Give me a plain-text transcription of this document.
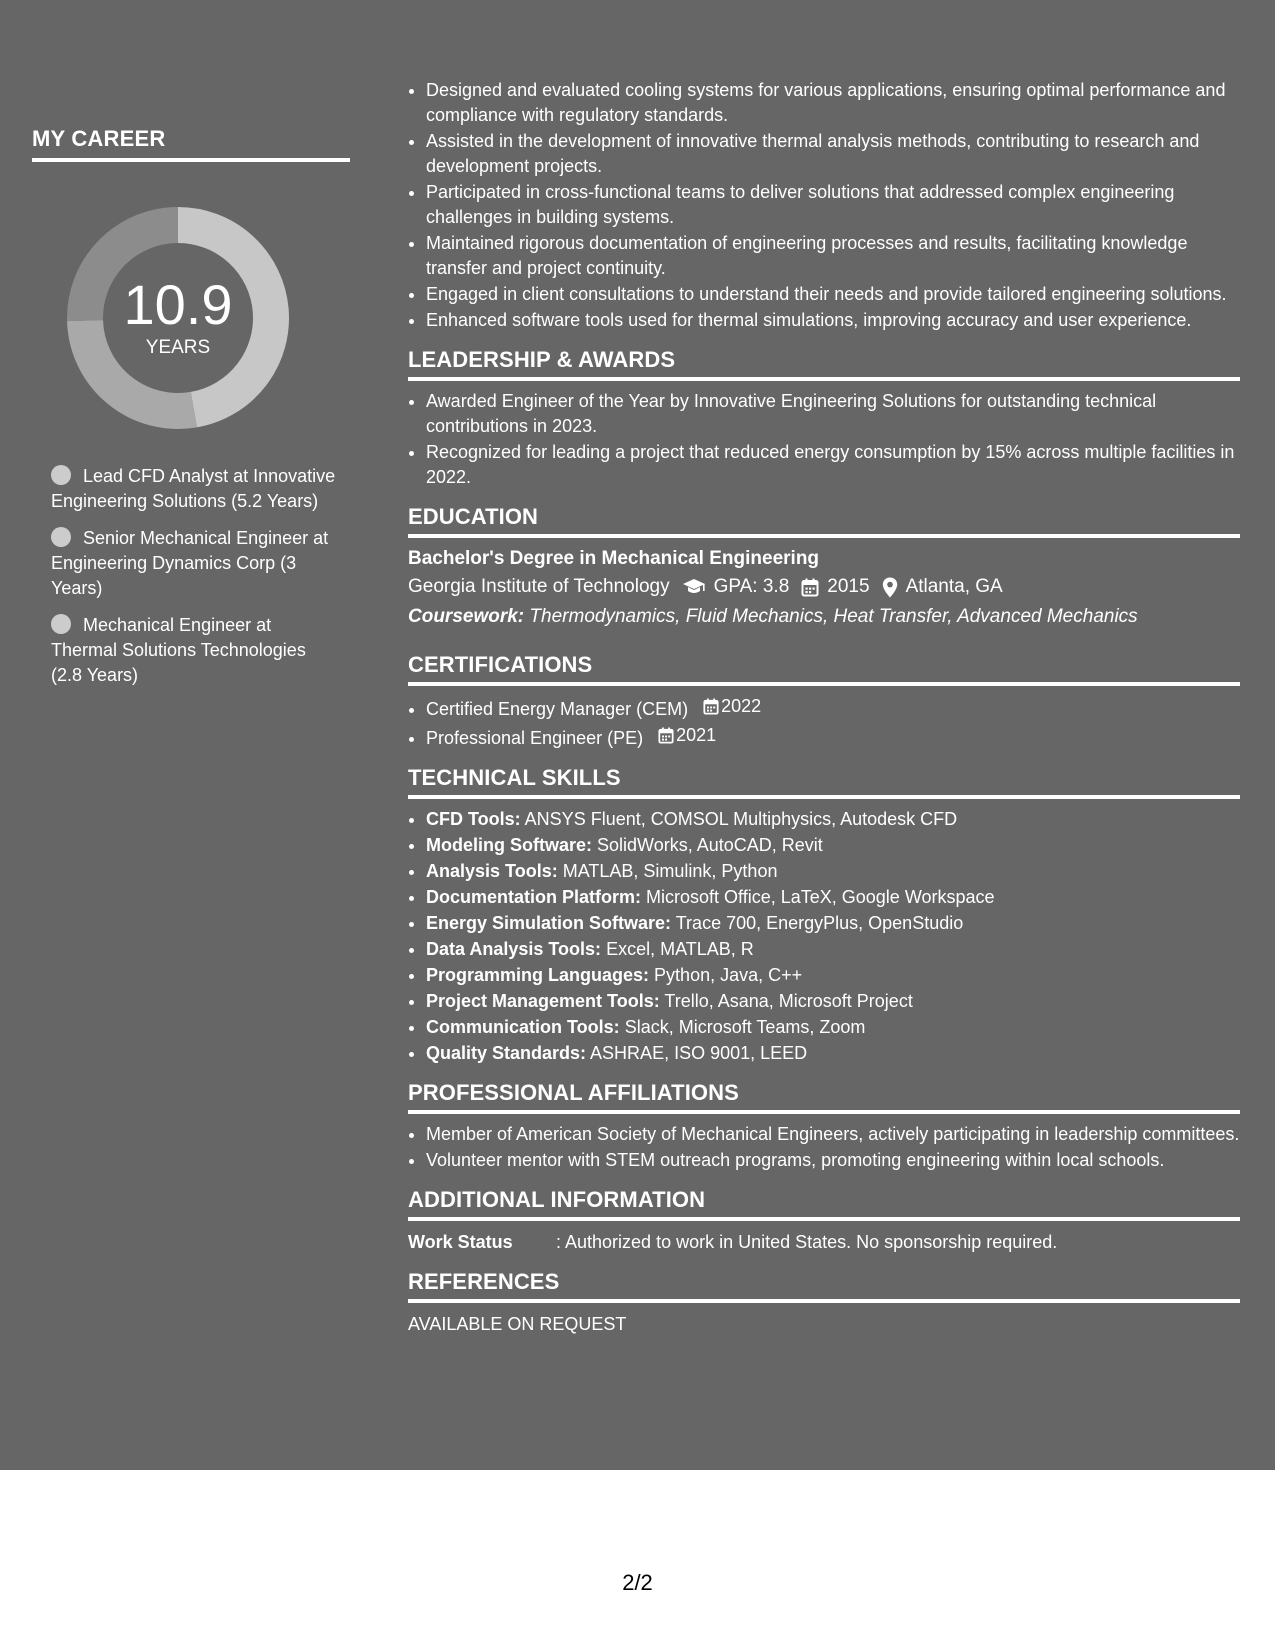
MY CAREER
10.9
YEARS
Lead CFD Analyst at Innovative Engineering Solutions (5.2 Years)
Senior Mechanical Engineer at Engineering Dynamics Corp (3 Years)
Mechanical Engineer at Thermal Solutions Technologies (2.8 Years)
• Designed and evaluated cooling systems for various applications, ensuring optimal performance and compliance with regulatory standards.
• Assisted in the development of innovative thermal analysis methods, contributing to research and development projects.
• Participated in cross-functional teams to deliver solutions that addressed complex engineering challenges in building systems.
• Maintained rigorous documentation of engineering processes and results, facilitating knowledge transfer and project continuity.
• Engaged in client consultations to understand their needs and provide tailored engineering solutions.
• Enhanced software tools used for thermal simulations, improving accuracy and user experience.
LEADERSHIP & AWARDS
• Awarded Engineer of the Year by Innovative Engineering Solutions for outstanding technical contributions in 2023.
• Recognized for leading a project that reduced energy consumption by 15% across multiple facilities in 2022.
EDUCATION
Bachelor's Degree in Mechanical Engineering
Georgia Institute of Technology GPA: 3.8 2015 Atlanta, GA
Coursework: Thermodynamics, Fluid Mechanics, Heat Transfer, Advanced Mechanics
CERTIFICATIONS
• Certified Energy Manager (CEM) 2022
• Professional Engineer (PE) 2021
TECHNICAL SKILLS
• CFD Tools: ANSYS Fluent, COMSOL Multiphysics, Autodesk CFD
• Modeling Software: SolidWorks, AutoCAD, Revit
• Analysis Tools: MATLAB, Simulink, Python
• Documentation Platform: Microsoft Office, LaTeX, Google Workspace
• Energy Simulation Software: Trace 700, EnergyPlus, OpenStudio
• Data Analysis Tools: Excel, MATLAB, R
• Programming Languages: Python, Java, C++
• Project Management Tools: Trello, Asana, Microsoft Project
• Communication Tools: Slack, Microsoft Teams, Zoom
• Quality Standards: ASHRAE, ISO 9001, LEED
PROFESSIONAL AFFILIATIONS
• Member of American Society of Mechanical Engineers, actively participating in leadership committees.
• Volunteer mentor with STEM outreach programs, promoting engineering within local schools.
ADDITIONAL INFORMATION
Work Status	: Authorized to work in United States. No sponsorship required.
REFERENCES
AVAILABLE ON REQUEST
2/2
